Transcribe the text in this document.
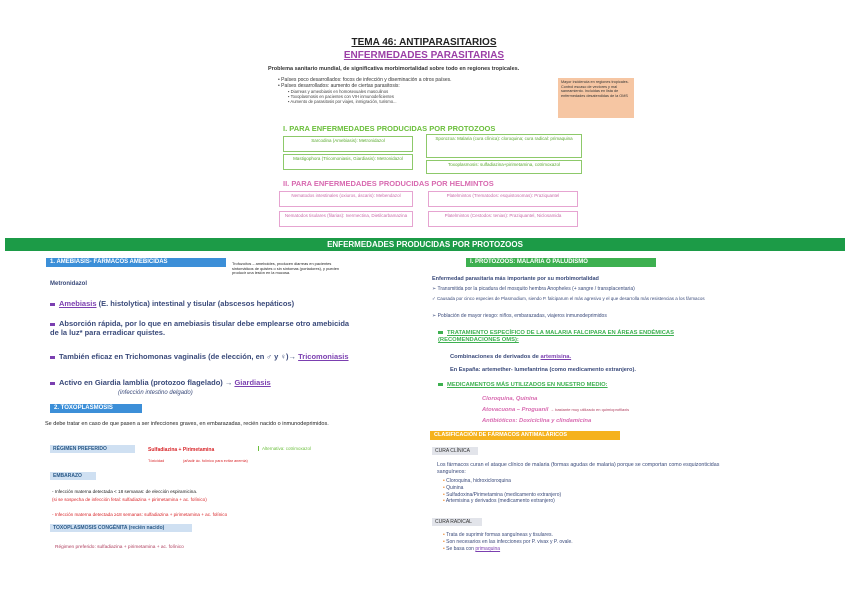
TEMA 46: ANTIPARASITARIOS
ENFERMEDADES PARASITARIAS
Problema sanitario mundial, de significativa morbimortalidad sobre todo en regiones tropicales.
• Países poco desarrollados: focos de infección y diseminación a otros países.
• Países desarrollados: aumento de ciertas parasitosis:
▪ Diarreas y ameobiasis en homosexuales masculinos
▪ Toxoplasmosis en pacientes con VIH inmunodeficientes
▪ Aumento de parasitosis por viajes, inmigración, turismo...
Mayor incidencia en regiones tropicales. Control escaso de vectores y mal saneamiento. Incluidas en lista de enfermedades desatendidas de la OMS
I. PARA ENFERMEDADES PRODUCIDAS POR PROTOZOOS
Sarcodina (Amebiasis): Metronidazol
Mastigophora (Tricomoniasis, Giardiasis): Metronidazol
Sporozoa: Malaria (cura clínica): cloroquina; cura radical: primaquina
Toxoplasmosis: sulfadiazina+pirimetamina, cotrimoxazol
II. PARA ENFERMEDADES PRODUCIDAS POR HELMINTOS
Nematodos intestinales (oxiuros, áscaris): Mebendazol
Nematodos tisulares (filarias): Ivermectina, Dietilcarbamazina
Platelmintos (Trematodos: esquistosomas): Praziquantel
Platelmintos (Cestodos: tenias): Praziquantel, Niclosamida
ENFERMEDADES PRODUCIDAS POR PROTOZOOS
1. AMEBIASIS- FÁRMACOS AMEBICIDAS	Trofozoítos – ameboides, producen diarreas en pacientes sintomáticos de quistes o sin síntomas (portadores), y pueden producir una lesión en la mucosa.
Metronidazol
Amebiasis (E. histolytica) intestinal y tisular (abscesos hepáticos)
Absorción rápida, por lo que en amebiasis tisular debe emplearse otro amebicida de la luz* para erradicar quistes.
También eficaz en Trichomonas vaginalis (de elección, en ♂ y ♀)→ Tricomoniasis
Activo en Giardia lamblia (protozoo flagelado) → Giardiasis
(infección intestino delgado)
2. TOXOPLASMOSIS
Se debe tratar en caso de que pasen a ser infecciones graves, en embarazadas, recién nacido o inmunodeprimidos.
RÉGIMEN PREFERIDO	Sulfadiazina + Pirimetamina	Alternativa: cotrimoxazol
Tóxicidad	(añadir ác. folínico para evitar anemia)
EMBARAZO
- Infección materna detectada < 18 semanas: de elección espiramicina.
(si se sospecha de infección fetal: sulfadiazina + pirimetamina + ac. folínico)
- Infección materna detectada ≥18 semanas: sulfadiazina + pirimetamina + ac. folínico
TOXOPLASMOSIS CONGÉNITA (recién nacido)
Régimen preferido: sulfadiazina + pirimetamina + ac. folínico
I. PROTOZOOS: MALARIA O PALUDISMO
Enfermedad parasitaria más importante por su morbimortalidad
➢ Transmitida por la picadura del mosquito hembra Anopheles (+ sangre / transplacentaria)
✓ Causada por cinco especies de Plasmodium, siendo P. falciparum el más agresivo y el que desarrolla más resistencias a los fármacos
➢ Población de mayor riesgo: niños, embarazadas, viajeros inmunodeprimidos
TRATAMIENTO ESPECÍFICO DE LA MALARIA FALCIPARA EN ÁREAS ENDÉMICAS (RECOMENDACIONES OMS):
Combinaciones de derivados de artemisina.
En España: artemether- lumefantrina (como medicamento extranjero).
MEDICAMENTOS MÁS UTILIZADOS EN NUESTRO MEDIO:
Cloroquina, Quinina
Atovacuona – Proguanil → bastante muy utilizado en quimioprofilaxis
Antibióticos: Doxiciclina y clindamicina
CLASIFICACIÓN DE FÁRMACOS ANTIMALÁRICOS
CURA CLÍNICA
Los fármacos curan el ataque clínico de malaria (formas agudas de malaria) porque se comportan como esquizonticidas sanguíneos:
• Cloroquina, hidroxicloroquina
• Quinina
• Sulfadoxina/Pirimetamina (medicamento extranjero)
• Artemisina y derivados (medicamento extranjero)
CURA RADICAL
• Trata de suprimir formas sanguíneas y tisulares.
• Son necesarios en las infecciones por P. vivax y P. ovale.
• Se basa con primaquina
